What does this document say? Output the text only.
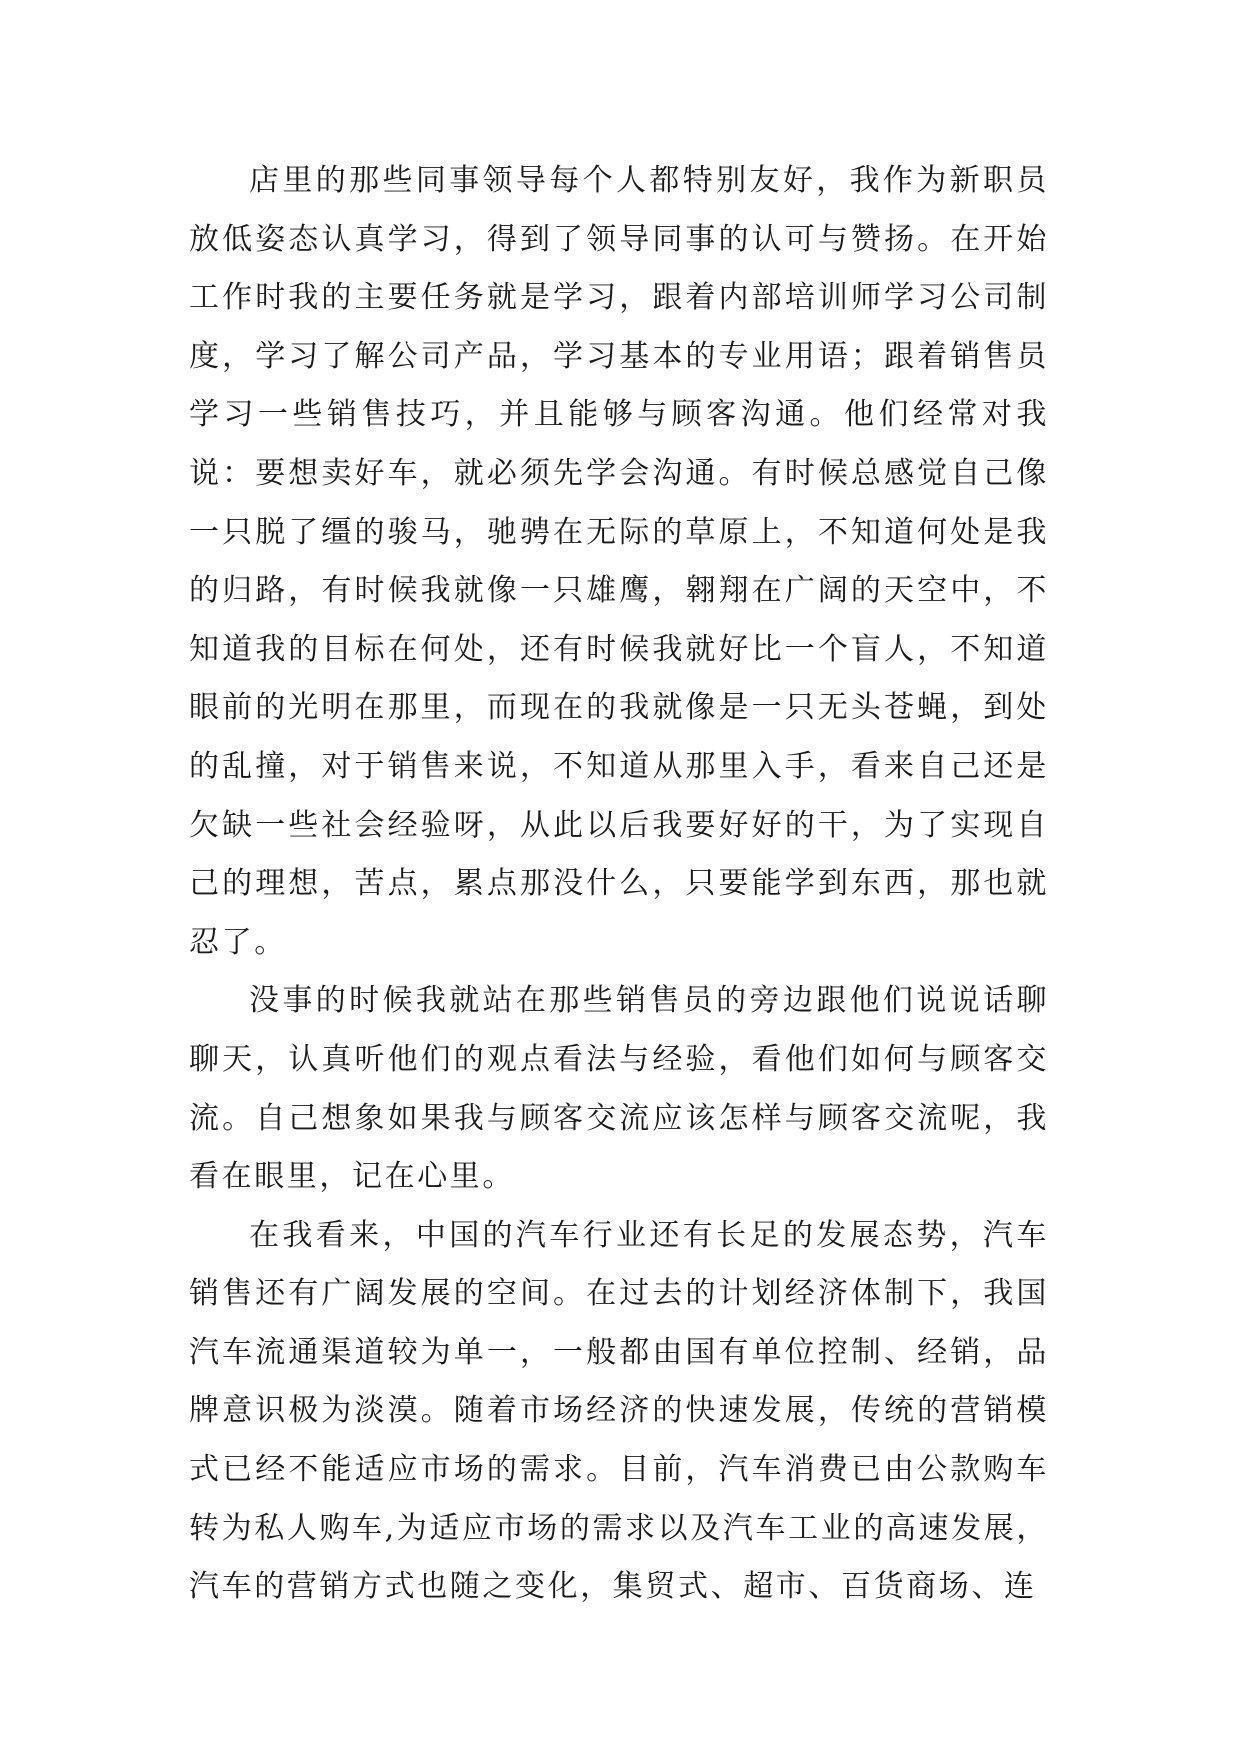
店里的那些同事领导每个人都特别友好，我作为新职员放低姿态认真学习，得到了领导同事的认可与赞扬。在开始工作时我的主要任务就是学习，跟着内部培训师学习公司制度，学习了解公司产品，学习基本的专业用语；跟着销售员学习一些销售技巧，并且能够与顾客沟通。他们经常对我说：要想卖好车，就必须先学会沟通。有时候总感觉自己像一只脱了缰的骏马，驰骋在无际的草原上，不知道何处是我的归路，有时候我就像一只雄鹰，翱翔在广阔的天空中，不知道我的目标在何处，还有时候我就好比一个盲人，不知道眼前的光明在那里，而现在的我就像是一只无头苍蝇，到处的乱撞，对于销售来说，不知道从那里入手，看来自己还是欠缺一些社会经验呀，从此以后我要好好的干，为了实现自己的理想，苦点，累点那没什么，只要能学到东西，那也就忍了。

没事的时候我就站在那些销售员的旁边跟他们说说话聊聊天，认真听他们的观点看法与经验，看他们如何与顾客交流。自己想象如果我与顾客交流应该怎样与顾客交流呢，我看在眼里，记在心里。

在我看来，中国的汽车行业还有长足的发展态势，汽车销售还有广阔发展的空间。在过去的计划经济体制下，我国汽车流通渠道较为单一，一般都由国有单位控制、经销，品牌意识极为淡漠。随着市场经济的快速发展，传统的营销模式已经不能适应市场的需求。目前，汽车消费已由公款购车转为私人购车,为适应市场的需求以及汽车工业的高速发展，汽车的营销方式也随之变化，集贸式、超市、百货商场、连
